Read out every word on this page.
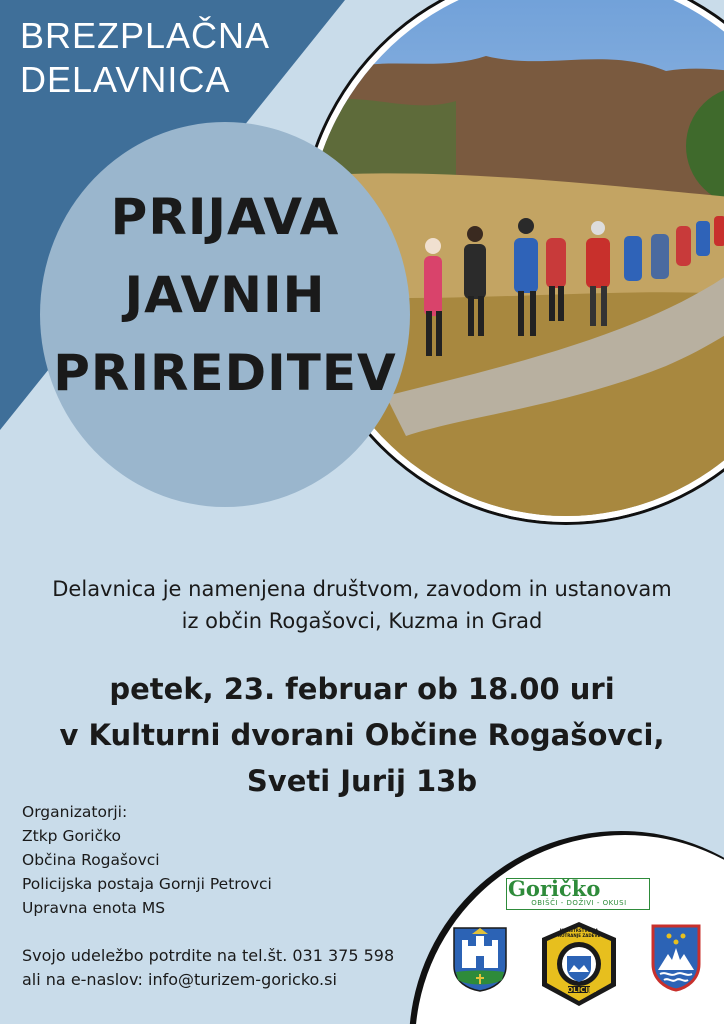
BREZPLAČNA
DELAVNICA
PRIJAVA
JAVNIH
PRIREDITEV
Delavnica je namenjena društvom, zavodom in ustanovam
iz občin Rogašovci, Kuzma in Grad
petek, 23. februar ob 18.00 uri
v Kulturni dvorani Občine Rogašovci,
Sveti Jurij 13b
Organizatorji:
Ztkp Goričko
Občina Rogašovci
Policijska postaja Gornji Petrovci
Upravna enota MS
Svojo udeležbo potrdite na tel.št. 031 375 598
ali na e-naslov: info@turizem-goricko.si
Goričko
OBIŠČI - DOŽIVI - OKUSI
POLICIJA
MINISTRSTVO ZA NOTRANJE ZADEVE
